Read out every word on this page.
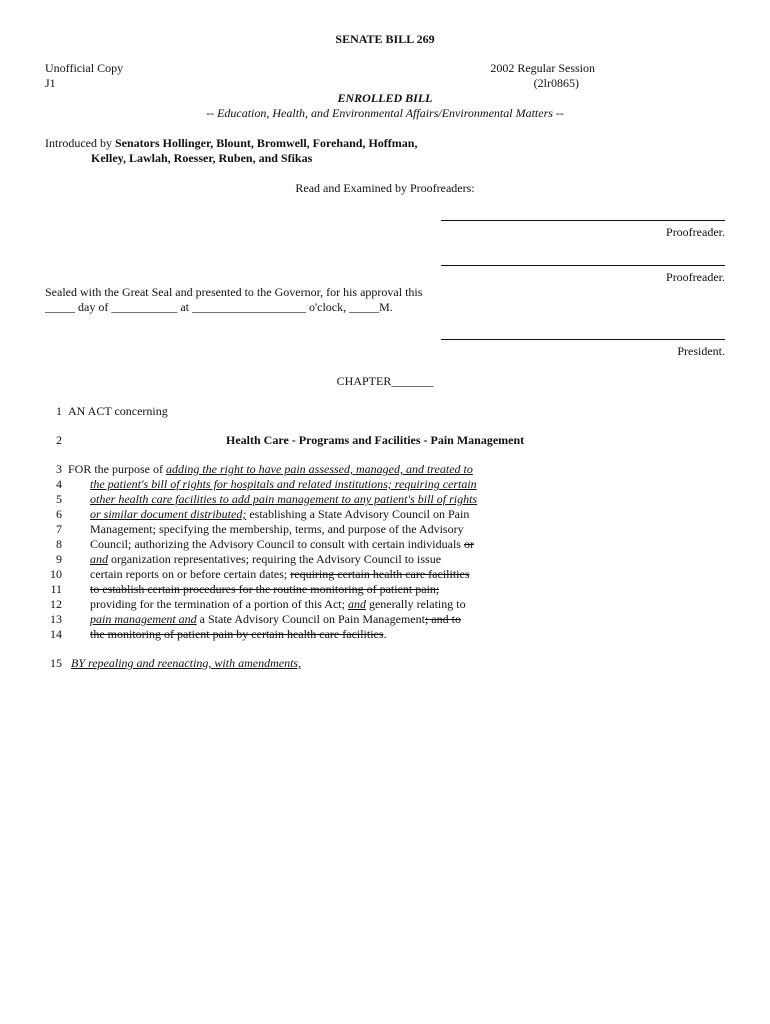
SENATE BILL 269
Unofficial Copy
J1
2002 Regular Session
(2lr0865)
ENROLLED BILL
-- Education, Health, and Environmental Affairs/Environmental Matters --
Introduced by Senators Hollinger, Blount, Bromwell, Forehand, Hoffman,
Kelley, Lawlah, Roesser, Ruben, and Sfikas
Read and Examined by Proofreaders:
Proofreader.
Proofreader.
Sealed with the Great Seal and presented to the Governor, for his approval this
_____ day of ___________ at ___________________ o'clock, _____M.
President.
CHAPTER_______
1 AN ACT concerning
2	Health Care - Programs and Facilities - Pain Management
3 FOR the purpose of adding the right to have pain assessed, managed, and treated to
4 the patient's bill of rights for hospitals and related institutions; requiring certain
5 other health care facilities to add pain management to any patient's bill of rights
6 or similar document distributed; establishing a State Advisory Council on Pain
7 Management; specifying the membership, terms, and purpose of the Advisory
8 Council; authorizing the Advisory Council to consult with certain individuals or
9 and organization representatives; requiring the Advisory Council to issue
10 certain reports on or before certain dates; requiring certain health care facilities
11 to establish certain procedures for the routine monitoring of patient pain;
12 providing for the termination of a portion of this Act; and generally relating to
13 pain management and a State Advisory Council on Pain Management; and to
14 the monitoring of patient pain by certain health care facilities.
15 BY repealing and reenacting, with amendments,
